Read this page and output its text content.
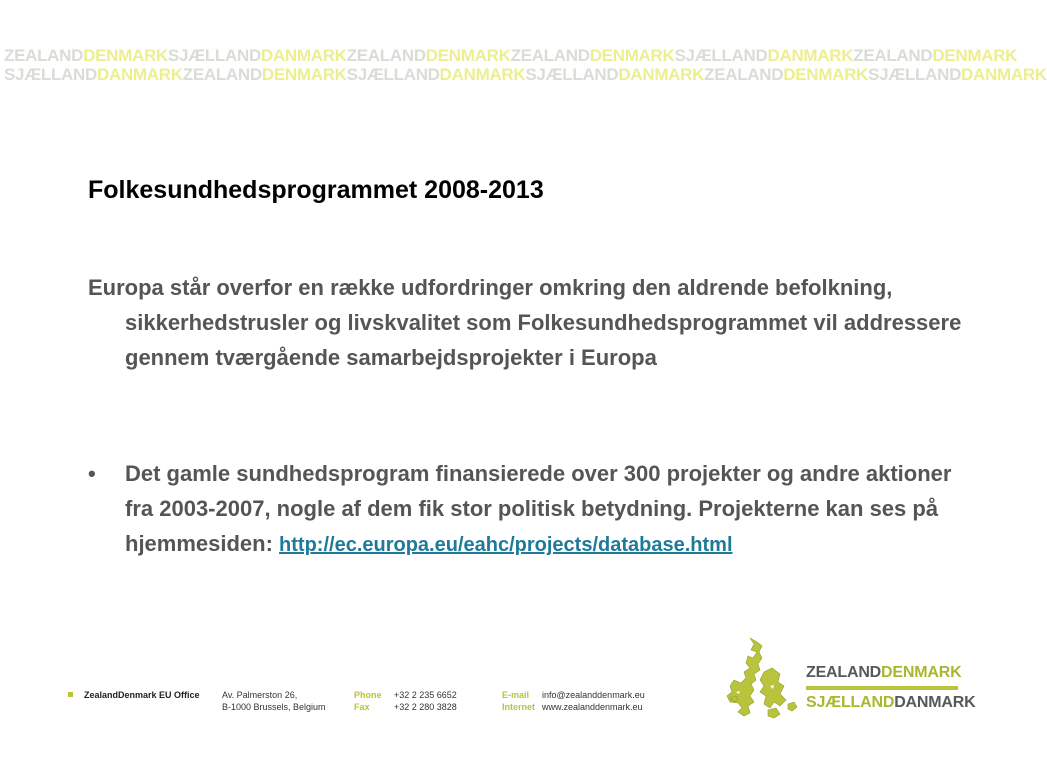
ZEALANDDENMARKSJÆLLANDDANMARKZEALANDDENMARKZEALANDDENMARKSJÆLLANDDANMARKZEALANDDENMARK
SJÆLLANDDANMARKZEALANDDENMARKSJÆLLANDDANMARKSJÆLLANDDANMARKZEALANDDENMARKSJÆLLANDDANMARK
Folkesundhedsprogrammet 2008-2013

Europa står overfor en række udfordringer omkring den aldrende befolkning, sikkerhedstrusler og livskvalitet som Folkesundhedsprogrammet vil addressere gennem tværgående samarbejdsprojekter i Europa

• Det gamle sundhedsprogram finansierede over 300 projekter og andre aktioner fra 2003-2007, nogle af dem fik stor politisk betydning. Projekterne kan ses på hjemmesiden: http://ec.europa.eu/eahc/projects/database.html

ZealandDenmark EU Office Av. Palmerston 26,
B-1000 Brussels, Belgium
Phone
Fax
+32 2 235 6652
+32 2 280 3828
E-mail
Internet
info@zealanddenmark.eu
www.zealanddenmark.eu
ZEALANDDENMARK
SJÆLLANDDANMARK
